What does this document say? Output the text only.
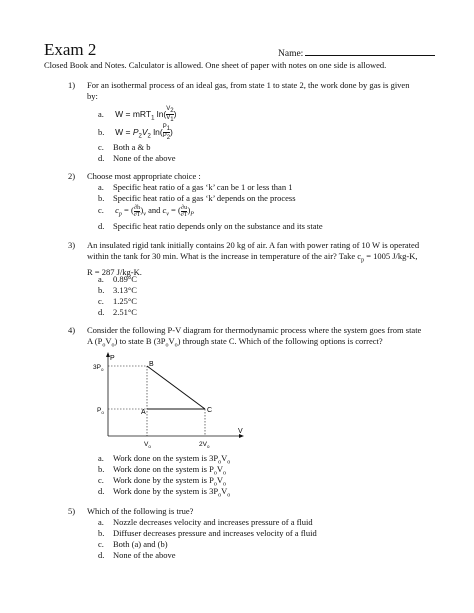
Exam 2	Name:
Closed Book and Notes. Calculator is allowed. One sheet of paper with notes on one side is allowed.
1) For an isothermal process of an ideal gas, from state 1 to state 2, the work done by gas is given by:
a. W = mRT$_1$ $\ln( \frac{V_2}{V_1}$ )
b. $W = P_2V_2$ $\ln( \frac{P_1}{P_2}$ )
c. Both a & b
d. None of the above
2) Choose most appropriate choice :
a. Specific heat ratio of a gas ‘k’ can be 1 or less than 1
b. Specific heat ratio of a gas ‘k’ depends on the process
c. $c_p$ = ( $\frac{\partial h}{\partial T} )_v$ and $c_v$ = ( $\frac{\partial u}{\partial T} )_P$
d. Specific heat ratio depends only on the substance and its state
3) An insulated rigid tank initially contains 20 kg of air. A fan with power rating of 10 W is operated within the tank for 30 min. What is the increase in temperature of the air? Take $c_p = 1005$ J/kg-K, R = 287 J/kg-K.
a. 0.89°C
b. 3.13°C
c. 1.25°C
d. 2.51°C
4) Consider the following P-V diagram for thermodynamic process where the system goes from state A $(P_oV_o)$ to state B $(3P_oV_o)$ through state C. Which of the following options is correct?
P
V
B
A	C
$3P_o$
$P_o$
$V_o$	$2V_o$
a. Work done on the system is $3P_oV_o$
b. Work done on the system is $P_oV_o$
c. Work done by the system is $P_oV_o$
d. Work done by the system is $3P_oV_o$
5) Which of the following is true?
a. Nozzle decreases velocity and increases pressure of a fluid
b. Diffuser decreases pressure and increases velocity of a fluid
c. Both (a) and (b)
d. None of the above
